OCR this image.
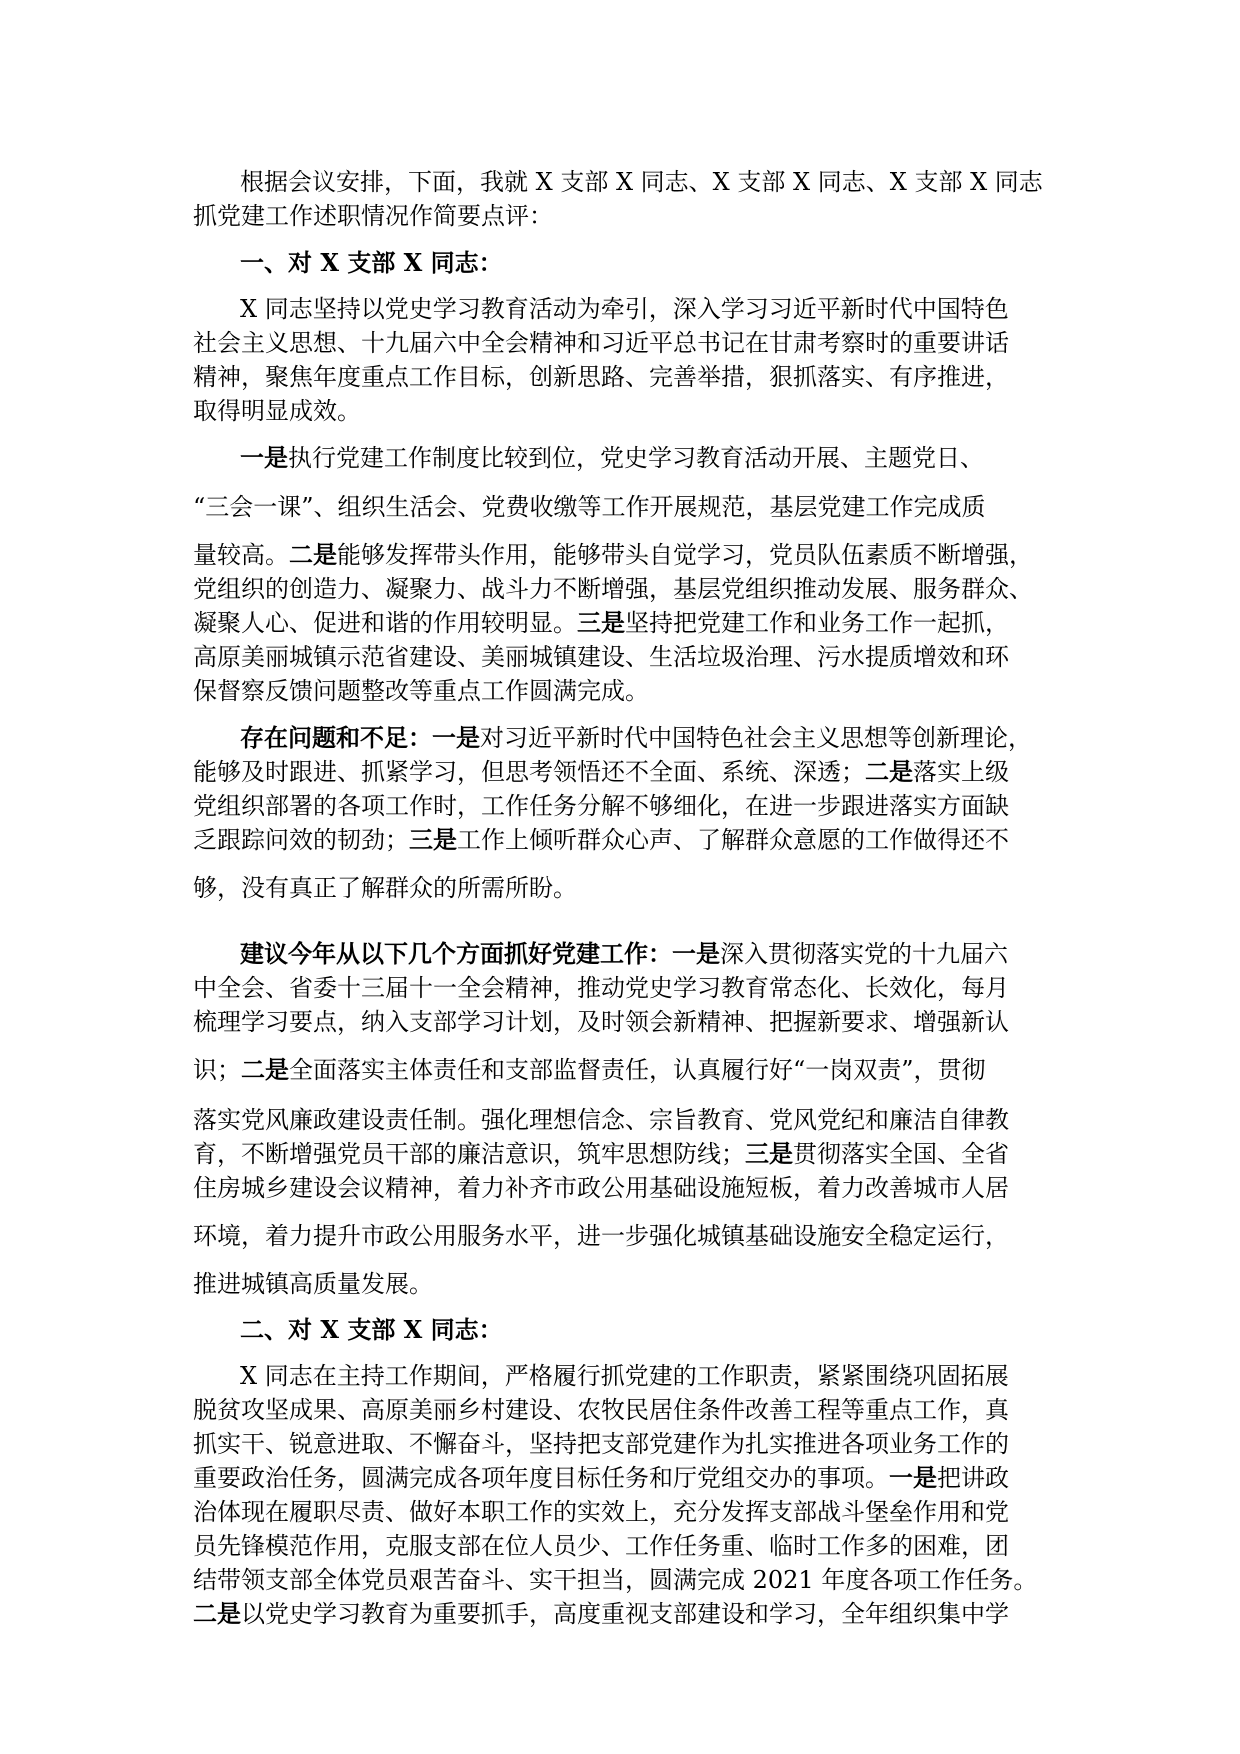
根据会议安排，下面，我就 X 支部 X 同志、X 支部 X 同志、X 支部 X 同志
抓党建工作述职情况作简要点评：
一、对 X 支部 X 同志：
X 同志坚持以党史学习教育活动为牵引，深入学习习近平新时代中国特色
社会主义思想、十九届六中全会精神和习近平总书记在甘肃考察时的重要讲话
精神，聚焦年度重点工作目标，创新思路、完善举措，狠抓落实、有序推进，
取得明显成效。
一是执行党建工作制度比较到位，党史学习教育活动开展、主题党日、
“三会一课”、组织生活会、党费收缴等工作开展规范，基层党建工作完成质
量较高。二是能够发挥带头作用，能够带头自觉学习，党员队伍素质不断增强，
党组织的创造力、凝聚力、战斗力不断增强，基层党组织推动发展、服务群众、
凝聚人心、促进和谐的作用较明显。三是坚持把党建工作和业务工作一起抓，
高原美丽城镇示范省建设、美丽城镇建设、生活垃圾治理、污水提质增效和环
保督察反馈问题整改等重点工作圆满完成。
存在问题和不足：一是对习近平新时代中国特色社会主义思想等创新理论，
能够及时跟进、抓紧学习，但思考领悟还不全面、系统、深透；二是落实上级
党组织部署的各项工作时，工作任务分解不够细化，在进一步跟进落实方面缺
乏跟踪问效的韧劲；三是工作上倾听群众心声、了解群众意愿的工作做得还不
够，没有真正了解群众的所需所盼。
建议今年从以下几个方面抓好党建工作：一是深入贯彻落实党的十九届六
中全会、省委十三届十一全会精神，推动党史学习教育常态化、长效化，每月
梳理学习要点，纳入支部学习计划，及时领会新精神、把握新要求、增强新认
识；二是全面落实主体责任和支部监督责任，认真履行好“一岗双责”，贯彻
落实党风廉政建设责任制。强化理想信念、宗旨教育、党风党纪和廉洁自律教
育，不断增强党员干部的廉洁意识，筑牢思想防线；三是贯彻落实全国、全省
住房城乡建设会议精神，着力补齐市政公用基础设施短板，着力改善城市人居
环境，着力提升市政公用服务水平，进一步强化城镇基础设施安全稳定运行，
推进城镇高质量发展。
二、对 X 支部 X 同志：
X 同志在主持工作期间，严格履行抓党建的工作职责，紧紧围绕巩固拓展
脱贫攻坚成果、高原美丽乡村建设、农牧民居住条件改善工程等重点工作，真
抓实干、锐意进取、不懈奋斗，坚持把支部党建作为扎实推进各项业务工作的
重要政治任务，圆满完成各项年度目标任务和厅党组交办的事项。一是把讲政
治体现在履职尽责、做好本职工作的实效上，充分发挥支部战斗堡垒作用和党
员先锋模范作用，克服支部在位人员少、工作任务重、临时工作多的困难，团
结带领支部全体党员艰苦奋斗、实干担当，圆满完成 2021 年度各项工作任务。
二是以党史学习教育为重要抓手，高度重视支部建设和学习，全年组织集中学
